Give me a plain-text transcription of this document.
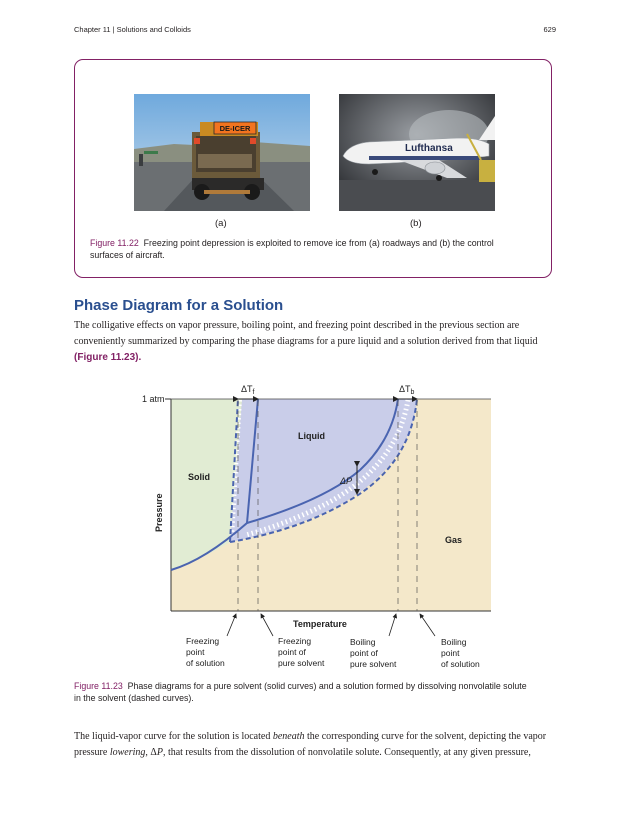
Chapter 11 | Solutions and Colloids	629
DE-ICER
Lufthansa
(a)	(b)
Figure 11.22 Freezing point depression is exploited to remove ice from (a) roadways and (b) the control
surfaces of aircraft.
Phase Diagram for a Solution
The colligative effects on vapor pressure, boiling point, and freezing point described in the previous section are
conveniently summarized by comparing the phase diagrams for a pure liquid and a solution derived from that liquid
(Figure 11.23).
1 atm
$\Delta T_f$	$\Delta T_b$
Liquid
Solid
Gas
ΔP
Pressure
Temperature
Freezing point of solution
Freezing point of pure solvent
Boiling point of pure solvent
Boiling point of solution
Figure 11.23 Phase diagrams for a pure solvent (solid curves) and a solution formed by dissolving nonvolatile solute
in the solvent (dashed curves).
The liquid-vapor curve for the solution is located beneath the corresponding curve for the solvent, depicting the vapor
pressure lowering, ΔP, that results from the dissolution of nonvolatile solute. Consequently, at any given pressure,
